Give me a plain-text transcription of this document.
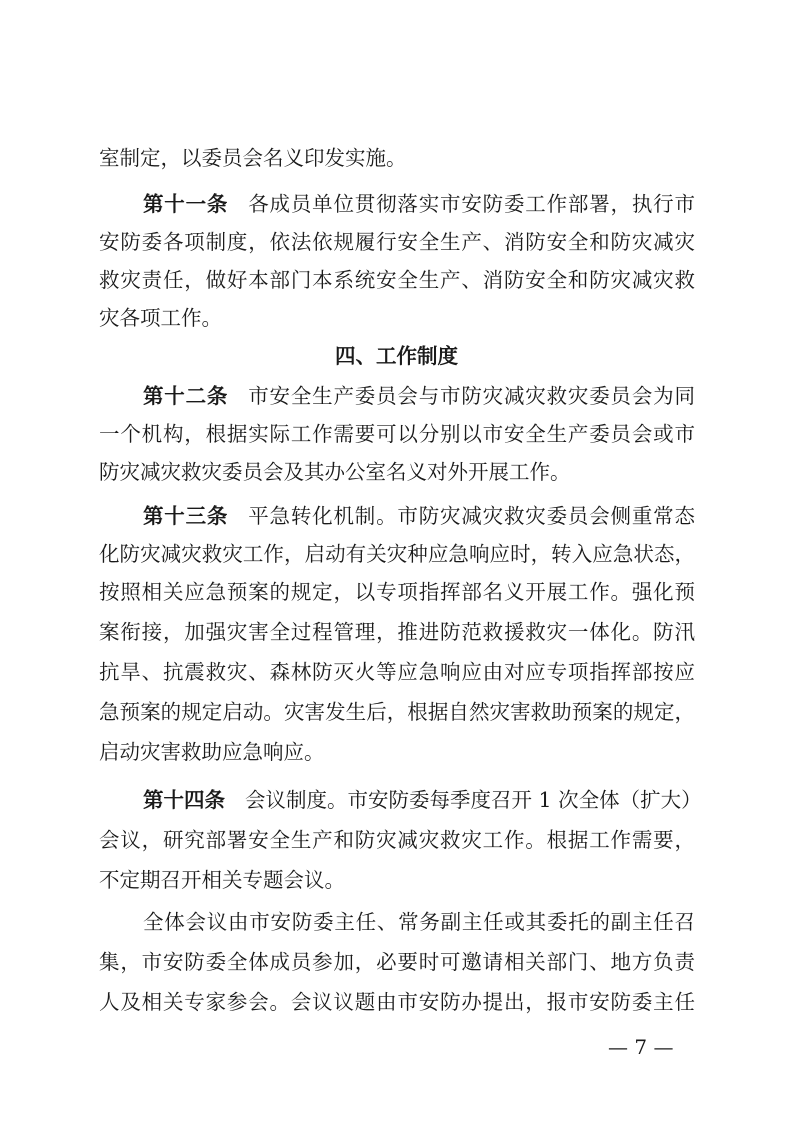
室制定，以委员会名义印发实施。
第十一条 各成员单位贯彻落实市安防委工作部署，执行市
安防委各项制度，依法依规履行安全生产、消防安全和防灾减灾
救灾责任，做好本部门本系统安全生产、消防安全和防灾减灾救
灾各项工作。
四、工作制度
第十二条 市安全生产委员会与市防灾减灾救灾委员会为同
一个机构，根据实际工作需要可以分别以市安全生产委员会或市
防灾减灾救灾委员会及其办公室名义对外开展工作。
第十三条 平急转化机制。市防灾减灾救灾委员会侧重常态
化防灾减灾救灾工作，启动有关灾种应急响应时，转入应急状态，
按照相关应急预案的规定，以专项指挥部名义开展工作。强化预
案衔接，加强灾害全过程管理，推进防范救援救灾一体化。防汛
抗旱、抗震救灾、森林防灭火等应急响应由对应专项指挥部按应
急预案的规定启动。灾害发生后，根据自然灾害救助预案的规定，
启动灾害救助应急响应。
第十四条 会议制度。市安防委每季度召开 1 次全体（扩大）
会议，研究部署安全生产和防灾减灾救灾工作。根据工作需要，
不定期召开相关专题会议。
全体会议由市安防委主任、常务副主任或其委托的副主任召
集，市安防委全体成员参加，必要时可邀请相关部门、地方负责
人及相关专家参会。会议议题由市安防办提出，报市安防委主任
— 7 —
